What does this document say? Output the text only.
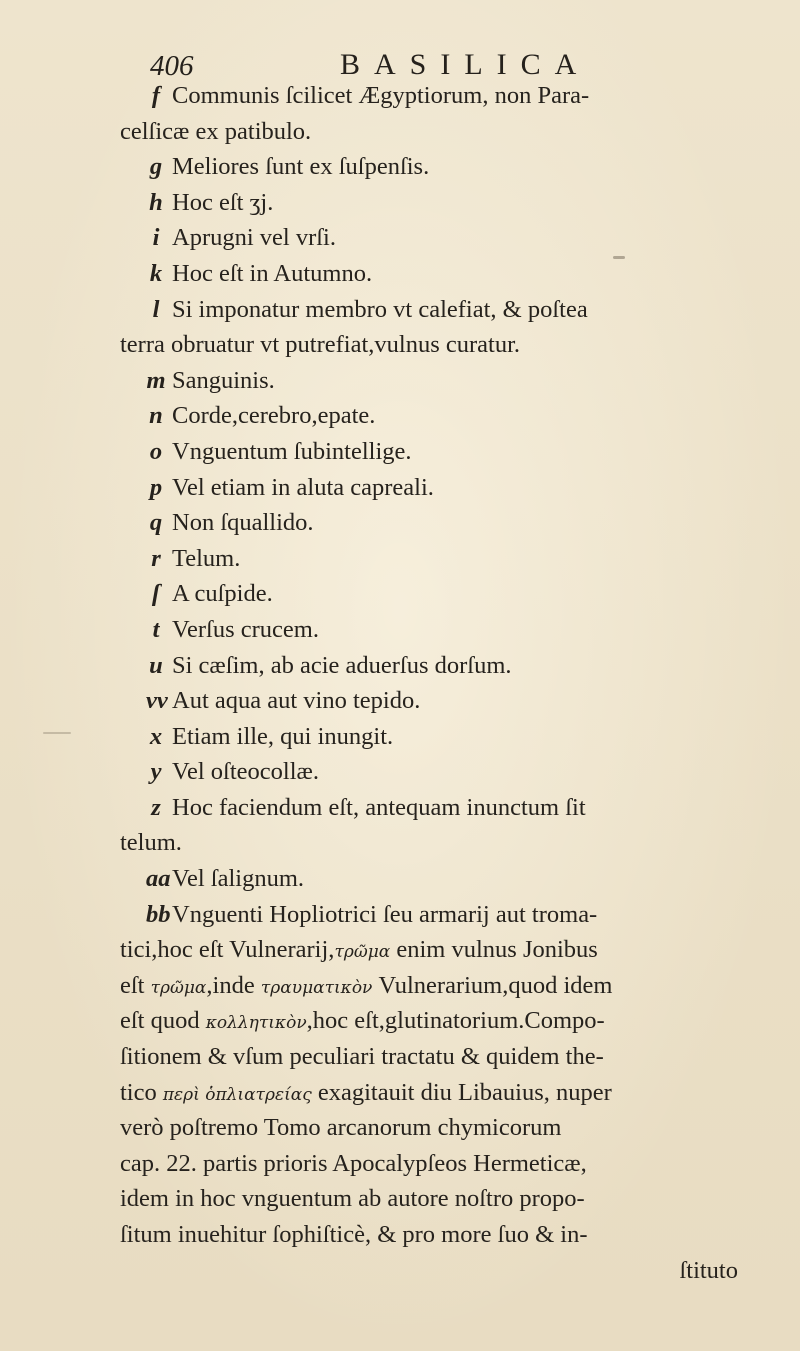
406	BASILICA
f Communis ſcilicet Ægyptiorum, non Para-
celſicæ ex patibulo.
g Meliores ſunt ex ſuſpenſis.
h Hoc eſt ʒj.
i Aprugni vel vrſi.
k Hoc eſt in Autumno.
l Si imponatur membro vt calefiat, & poſtea
terra obruatur vt putrefiat,vulnus curatur.
m Sanguinis.
n Corde,cerebro,epate.
o Vnguentum ſubintellige.
p Vel etiam in aluta capreali.
q Non ſquallido.
r Telum.
ſ A cuſpide.
t Verſus crucem.
u Si cæſim, ab acie aduerſus dorſum.
vv Aut aqua aut vino tepido.
x Etiam ille, qui inungit.
y Vel oſteocollæ.
z Hoc faciendum eſt, antequam inunctum ſit
telum.
aaVel ſalignum.
bbVnguenti Hopliotrici ſeu armarij aut troma-
tici,hoc eſt Vulnerarij,τρῶμα enim vulnus Jonibus
eſt τρῶμα,inde τραυματικὸν Vulnerarium,quod idem
eſt quod κολλητικὸν,hoc eſt,glutinatorium.Compo-
ſitionem & vſum peculiari tractatu & quidem the-
tico περὶ ὁπλιατρείας exagitauit diu Libauius, nuper
verò poſtremo Tomo arcanorum chymicorum
cap. 22. partis prioris Apocalypſeos Hermeticæ,
idem in hoc vnguentum ab autore noſtro propo-
ſitum inuehitur ſophiſticè, & pro more ſuo & in-
ſtituto
